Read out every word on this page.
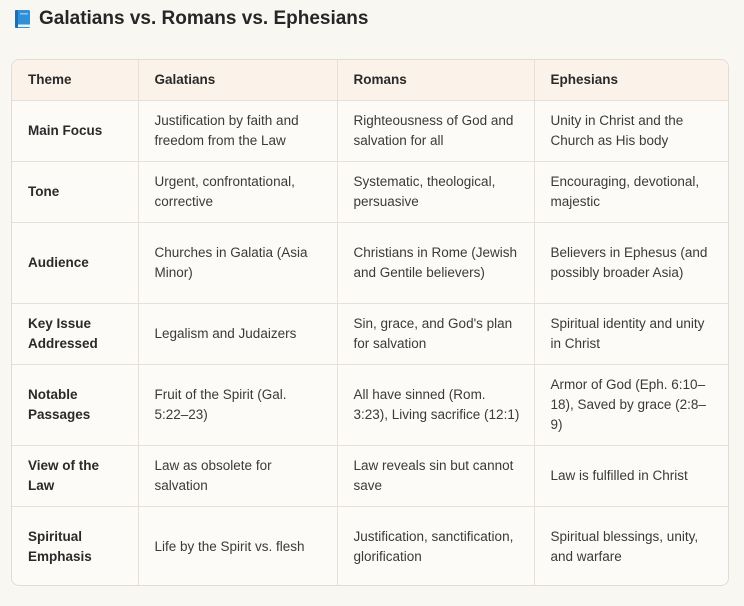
Galatians vs. Romans vs. Ephesians
Theme	Galatians	Romans	Ephesians
Main Focus	Justification by faith and freedom from the Law	Righteousness of God and salvation for all	Unity in Christ and the Church as His body
Tone	Urgent, confrontational, corrective	Systematic, theological, persuasive	Encouraging, devotional, majestic
Audience	Churches in Galatia (Asia Minor)	Christians in Rome (Jewish and Gentile believers)	Believers in Ephesus (and possibly broader Asia)
Key Issue Addressed	Legalism and Judaizers	Sin, grace, and God's plan for salvation	Spiritual identity and unity in Christ
Notable Passages	Fruit of the Spirit (Gal. 5:22–23)	All have sinned (Rom. 3:23), Living sacrifice (12:1)	Armor of God (Eph. 6:10–18), Saved by grace (2:8–9)
View of the Law	Law as obsolete for salvation	Law reveals sin but cannot save	Law is fulfilled in Christ
Spiritual Emphasis	Life by the Spirit vs. flesh	Justification, sanctification, glorification	Spiritual blessings, unity, and warfare
